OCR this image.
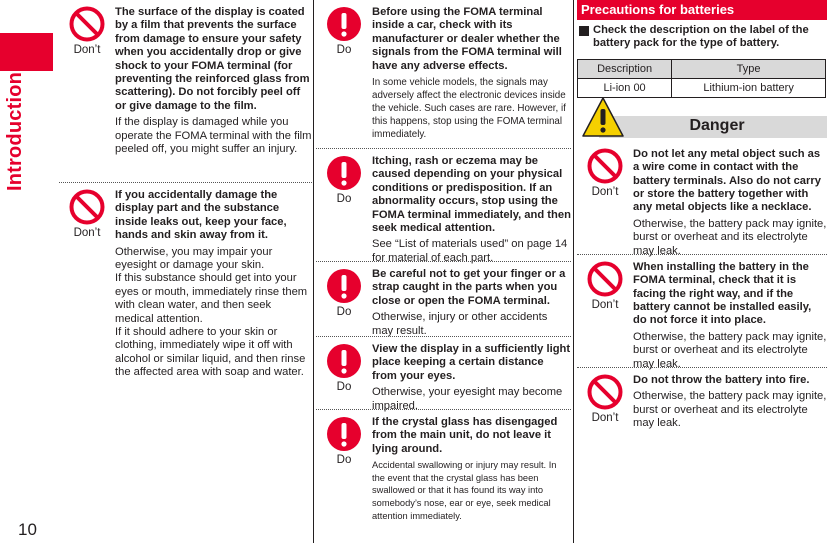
Introduction
10
Don’t
The surface of the display is coated by a film that prevents the surface from damage to ensure your safety when you accidentally drop or give shock to your FOMA terminal (for preventing the reinforced glass from scattering). Do not forcibly peel off or give damage to the film.
If the display is damaged while you operate the FOMA terminal with the film peeled off, you might suffer an injury.
Don’t
If you accidentally damage the display part and the substance inside leaks out, keep your face, hands and skin away from it.
Otherwise, you may impair your eyesight or damage your skin.
If this substance should get into your eyes or mouth, immediately rinse them with clean water, and then seek medical attention.
If it should adhere to your skin or clothing, immediately wipe it off with alcohol or similar liquid, and then rinse the affected area with soap and water.
Do
Before using the FOMA terminal inside a car, check with its manufacturer or dealer whether the signals from the FOMA terminal will have any adverse effects.
In some vehicle models, the signals may adversely affect the electronic devices inside the vehicle. Such cases are rare. However, if this happens, stop using the FOMA terminal immediately.
Do
Itching, rash or eczema may be caused depending on your physical conditions or predisposition. If an abnormality occurs, stop using the FOMA terminal immediately, and then seek medical attention.
See “List of materials used” on page 14 for material of each part.
Do
Be careful not to get your finger or a strap caught in the parts when you close or open the FOMA terminal.
Otherwise, injury or other accidents may result.
Do
View the display in a sufficiently light place keeping a certain distance from your eyes.
Otherwise, your eyesight may become impaired.
Do
If the crystal glass has disengaged from the main unit, do not leave it lying around.
Accidental swallowing or injury may result. In the event that the crystal glass has been swallowed or that it has found its way into somebody’s nose, ear or eye, seek medical attention immediately.
Precautions for batteries
Check the description on the label of the battery pack for the type of battery.
Description	Type
Li-ion 00	Lithium-ion battery
Danger
Don’t
Do not let any metal object such as a wire come in contact with the battery terminals. Also do not carry or store the battery together with any metal objects like a necklace.
Otherwise, the battery pack may ignite, burst or overheat and its electrolyte may leak.
Don’t
When installing the battery in the FOMA terminal, check that it is facing the right way, and if the battery cannot be installed easily, do not force it into place.
Otherwise, the battery pack may ignite, burst or overheat and its electrolyte may leak.
Don’t
Do not throw the battery into fire.
Otherwise, the battery pack may ignite, burst or overheat and its electrolyte may leak.
